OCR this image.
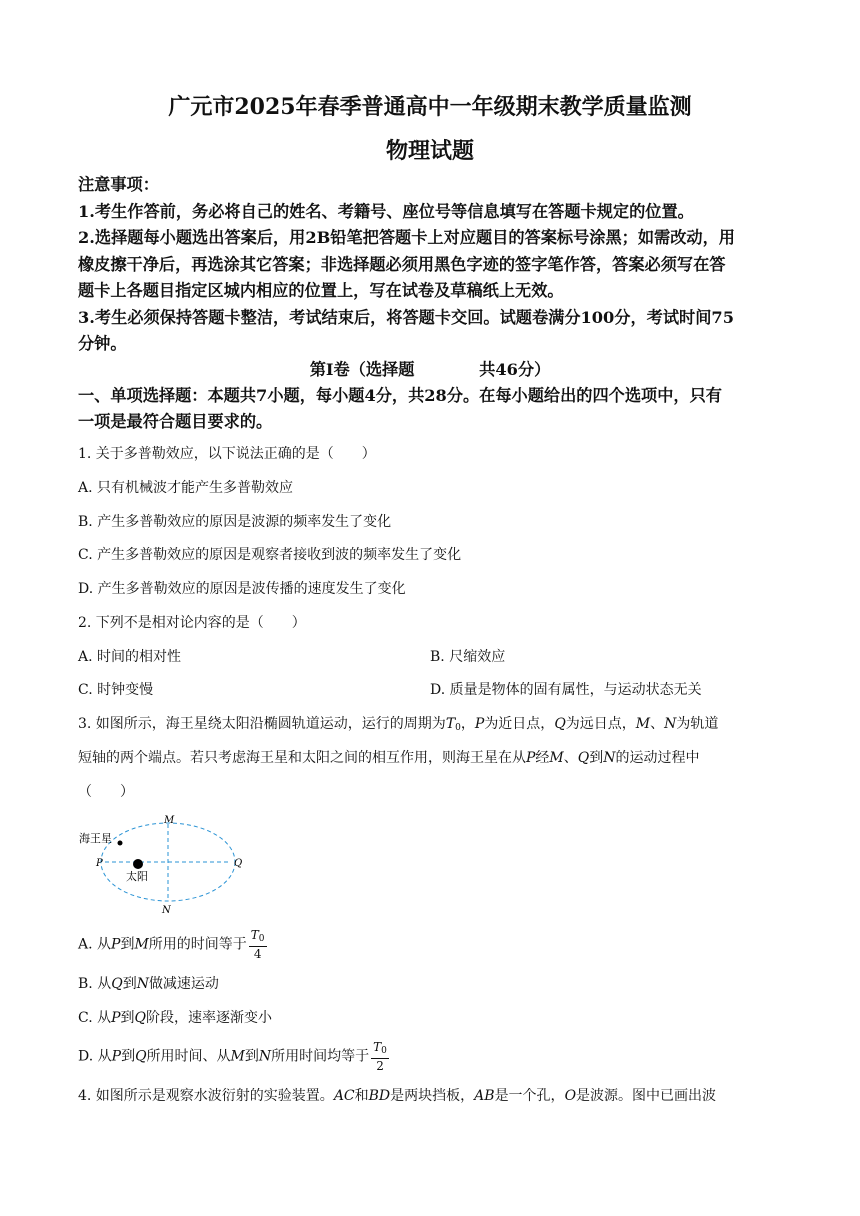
广元市2025年春季普通高中一年级期末教学质量监测
物理试题
注意事项：
1.考生作答前，务必将自己的姓名、考籍号、座位号等信息填写在答题卡规定的位置。
2.选择题每小题选出答案后，用2B铅笔把答题卡上对应题目的答案标号涂黑；如需改动，用
橡皮擦干净后，再选涂其它答案；非选择题必须用黑色字迹的签字笔作答，答案必须写在答
题卡上各题目指定区城内相应的位置上，写在试卷及草稿纸上无效。
3.考生必须保持答题卡整洁，考试结束后，将答题卡交回。试题卷满分100分，考试时间75
分钟。
第Ⅰ卷（选择题　　　　共46分）
一、单项选择题：本题共7小题，每小题4分，共28分。在每小题给出的四个选项中，只有
一项是最符合题目要求的。
1. 关于多普勒效应，以下说法正确的是（　　）
A. 只有机械波才能产生多普勒效应
B. 产生多普勒效应的原因是波源的频率发生了变化
C. 产生多普勒效应的原因是观察者接收到波的频率发生了变化
D. 产生多普勒效应的原因是波传播的速度发生了变化
2. 下列不是相对论内容的是（　　）
A. 时间的相对性	B. 尺缩效应
C. 时钟变慢	D. 质量是物体的固有属性，与运动状态无关
3. 如图所示，海王星绕太阳沿椭圆轨道运动，运行的周期为$T_0$，P为近日点，Q为远日点，M、N为轨道
短轴的两个端点。若只考虑海王星和太阳之间的相互作用，则海王星在从P经M、Q到N的运动过程中
（　　）
海王星
太阳
M
N
P	Q
A. 从P到M所用的时间等于 $\frac{T_0}{4}$
B. 从Q到N做减速运动
C. 从P到Q阶段，速率逐渐变小
D. 从P到Q所用时间、从M到N所用时间均等于 $\frac{T_0}{2}$
4. 如图所示是观察水波衍射的实验装置。AC和BD是两块挡板，AB是一个孔，O是波源。图中已画出波
